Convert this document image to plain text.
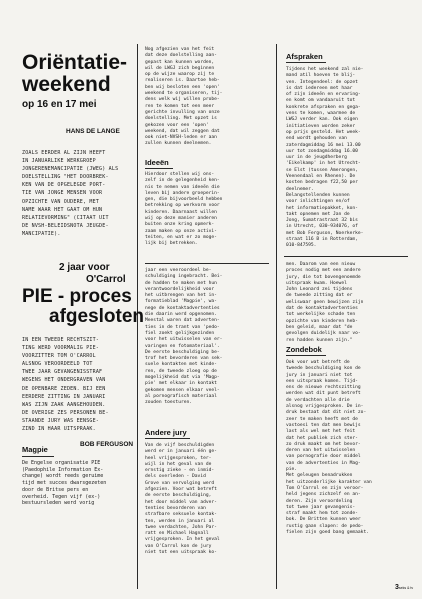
Oriëntatie-
weekend
op 16 en 17 mei
HANS DE LANGE
ZOALS EERDER AL ZIJN HEEFT
IN JANUARLIKE WERKGROEP
JONGERENEMANCIPATIE (JWEG) ALS
DOELSTELLING "HET DOORBREK-
KEN VAN DE OPGELEGDE PORT-
TIE VAN JONGE MENSEN VOOR
OPZICHTE VAN OUDERE, MET
NAME WAAR HET GAAT OM HUN
RELATIEVORMING" (CITAAT UIT
DE NVSH-BELEIDSNOTA JEUGDE-
MANCIPATIE).
2 jaar voor
O'Carrol
PIE - proces
afgesloten
IN EEN TWEEDE RECHTSZIT-
TING WERD VOORMALIG PIE-
VOORZITTER TOM O'CARROL
ALSNOG VEROORDEELD TOT
TWEE JAAR GEVANGENISSTRAF
WEGENS HET ONDERGRAVEN VAN
DE OPENBARE ZEDEN. BIJ EEN
EERDERE ZITTING IN JANUARI
WAS ZIJN ZAAK AANGEHOUDEN.
DE OVERIGE ZES PERSONEN BE-
STAANDE JURY WAS EENSGE-
ZIND IN HAAR UITSPRAAK.
BOB FERGUSON
Magpie
De Engelse organisatie PIE
(Paedophile Information Ex-
change) wordt reeds geruime
tijd met succes dwarsgezeten
door de Britse pers en
overheid. Tegen vijf (ex-)
bestuursleden werd vorig
Nog afgezien van het feit
dat deze doelstelling aan-
gepast kan kunnen worden,
wil de LWGJ zich beginnen
op de wijze waarop zij te
realiseren is. Daartoe heb-
ben wij besloten een 'open'
weekend te organiseren, tij-
dens welk wij willen probe-
ren te komen tot een meer
gerichte invulling van onze
doelstelling. Met opzet is
gekozen voor een 'open'
weekend, dat wil zeggen dat
ook niet-NVSH-leden er aan
zullen kunnen deelnemen.
Ideeën
Hierdoor stellen wij ons-
zelf in de gelegenheid ken-
nis te nemen van ideeën die
leven bij andere groeperin-
gen, die bijvoorbeeld hebben
betrekking op werkvorm voor
kinderen. Daarnaast willen
wij op deze manier anderen
buiten onze kring opmerk-
zaam maken op onze activi-
teiten, en wat er zo mogе-
lijk bij betrekken.
jaar een veeroordeel be-
schuldiging ingebracht. Bei-
de hadden te maken met hun
verantwoordelijkheid voor
het uitbrengen van het in-
formatieblad 'Magpie', wa-
nege de kontaktadvertenties
die daarin werd opgenomen.
Meestal waren dat adverten-
ties in de trant van 'pedo-
fiel zoekt gelijkgezinden
voor het uitwisselen van er-
varingen en fotomateriaal'.
De eerste beschuldiging be-
trof het bevorderen van sek-
suele kontakten met kinde-
ren, de tweede zloeg op de
mogelijkheid dat via 'Magp-
pie' met elkaar in kontakt
gekomen mensen elkaar veel-
al pornografisch materiaal
zouden toesturen.
Andere jury
Van de vijf beschuldigden
werd er in januari één ge-
heel vrijgesproken, ter-
wijl in het geval van de
ernstig zieke - en inmid-
dels overleden - David
Grove van vervolging werd
afgezien. Voor wat betreft
de eerste beschuldiging,
het door middel van adver-
tenties bevorderen van
strafbare seksuele kontak-
ten, werden in januari al
twee verdachten, John Par-
ratt en Michael Hagnall
vrijgesproken. In het geval
van O'Carrol kon de jury
niet tot een uitspraak ko-
Afspraken
Tijdens het weekend zal nie-
mand atil hoeven te blij-
ven. Integendeel: de opzet
is dat iedereen met haar
of zijn ideeën en ervaring-
en komt om vandaaruit tot
konkrete afspraken en gega-
vens te komen, waarmee de
LWGJ verder kan. Ook eigen
initiatieven worden zeker
op prijs gesteld. Het week-
end wordt gehouden van
zaterdagmiddag 16 mei 13.00
uur tot zondagmiddag 16.00
uur in de jeugdherberg
'Eikelkamp' in het Utrecht-
se Elst (tussen Amerongen,
Veenendaal en Rhenen). De
kosten bedragen f22,50 per
deelnemer.
Belangstellenden kunnen
voor inlichtingen en/of
het informatiepakket, kon-
takt opnemen met Jan de
Jong, Sumatrastraat 32 bis
in Utrecht, 030-934076, of
met Bob Ferguson, Noerkerke-
straat 116 B in Rotterdam,
010-847595.
men. Daarom van een nieuw
proces nodig met een andere
jury, die tot bovengenoemde
uitspraak kwam. Hoewel
John Leonard zei tijdens
de tweede zitting dat er
weliswaar geen bewijzen zijn
dat de kontaktadvertenties
tot werkelijke schade ten
opzichte van kinderen heb-
ben geleid, maar dat "de
gevolgen duidelijk naar vo-
ren hadden kunnen zijn."
Zondebok
Ook voor wat betreft de
tweede beschuldiging kon de
jury in januari niet tot
een uitspraak komen. Tijd-
ens de nieuwe rechtszitting
werden wat dit punt betreft
de verdachten alle drie
alsnog vrijgesproken. De in-
druk bestaat dat dit niet zo-
zeer te maken heeft met de
vastoesi ten dat men bewijs
last als wel met het feit
dat het publiek zich ster-
zo druk maakt om het bevor-
deren van het uitwisselen
van pornografie door middel
van de advertenties in Mag-
pie.
Met geleugen benadrukken
het uitzonderlijke karakter van
Tom O'Carrol en zijn veroor-
held jegens zichzelf en an-
deren. Zijn veroordeling
tot twee jaar gevangenis-
straf maakt hem tot zonde-
bok. De Britten kunnen weer
rustig gaan slapen: de pedo-
fielen zijn goed bang gemaakt.
3seks & tv
